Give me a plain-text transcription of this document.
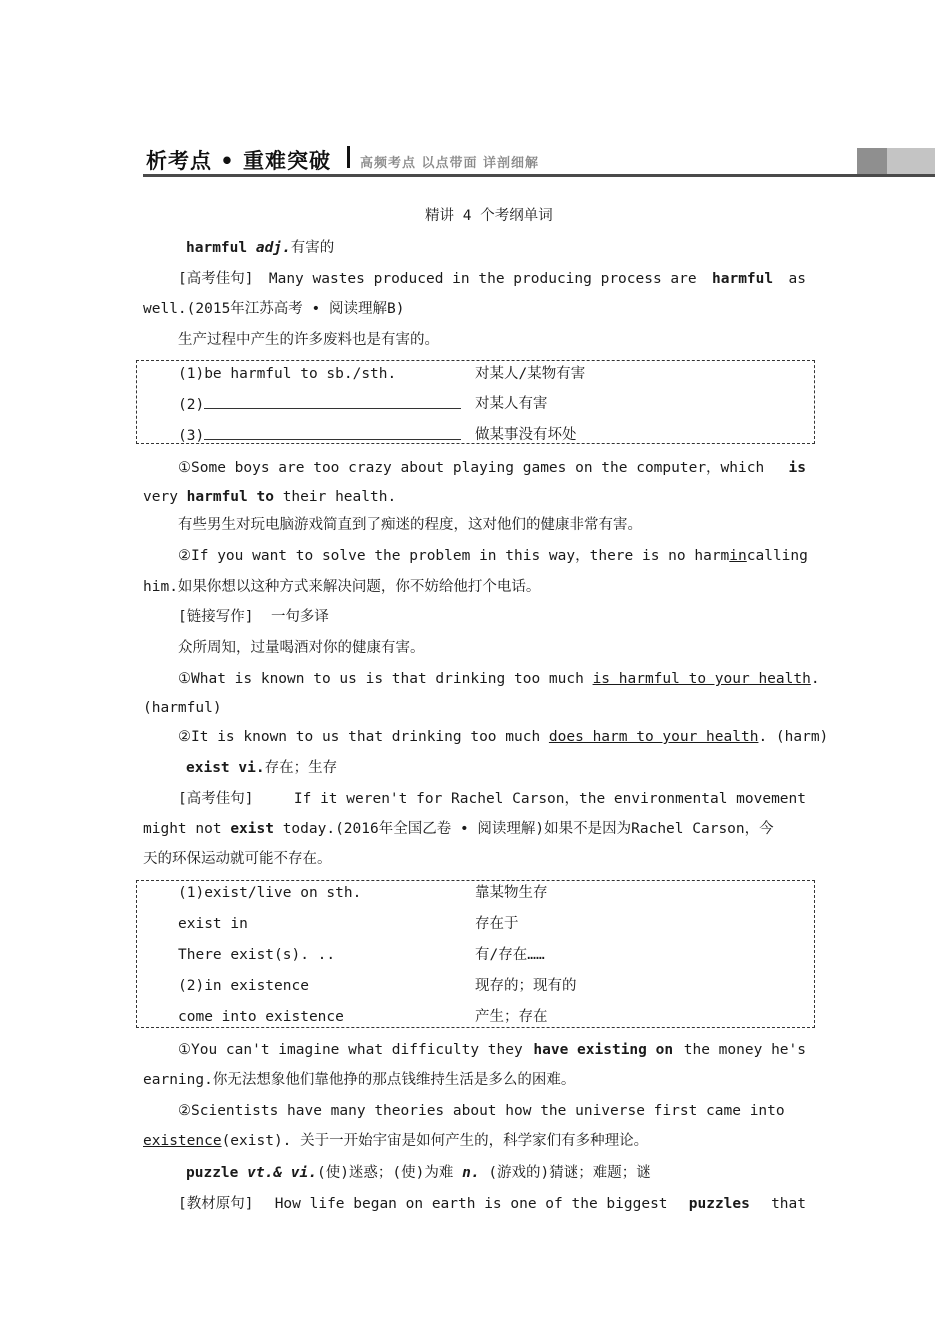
析考点 • 重难突破 高频考点 以点带面 详剖细解
精讲 4 个考纲单词
harmful adj.有害的
[高考佳句] Many wastes produced in the producing process are harmful as
well.(2015年江苏高考 • 阅读理解B)
生产过程中产生的许多废料也是有害的。
(1)be harmful to sb./sth.	对某人/某物有害
(2)	对某人有害
(3)	做某事没有坏处
①Some boys are too crazy about playing games on the computer，which is
very harmful to their health.
有些男生对玩电脑游戏简直到了痴迷的程度，这对他们的健康非常有害。
②If you want to solve the problem in this way，there is no harm in calling
him.如果你想以这种方式来解决问题，你不妨给他打个电话。
[链接写作] 一句多译
众所周知，过量喝酒对你的健康有害。
①What is known to us is that drinking too much is harmful to your health.
(harmful)
②It is known to us that drinking too much does harm to your health. (harm)
exist vi.存在；生存
[高考佳句]	If it weren't for Rachel Carson，the environmental movement
might not exist today.(2016年全国乙卷 • 阅读理解)如果不是因为Rachel Carson，今
天的环保运动就可能不存在。
(1)exist/live on sth.	靠某物生存
exist in	存在于
There exist(s). ..	有/存在……
(2)in existence	现存的；现有的
come into existence	产生；存在
①You can't imagine what difficulty they have existing on the money he's
earning.你无法想象他们靠他挣的那点钱维持生活是多么的困难。
②Scientists have many theories about how the universe first came into
existence(exist). 关于一开始宇宙是如何产生的，科学家们有多种理论。
puzzle vt.& vi.(使)迷惑；(使)为难 n. (游戏的)猜谜；难题；谜
[教材原句] How life began on earth is one of the biggest puzzles that
